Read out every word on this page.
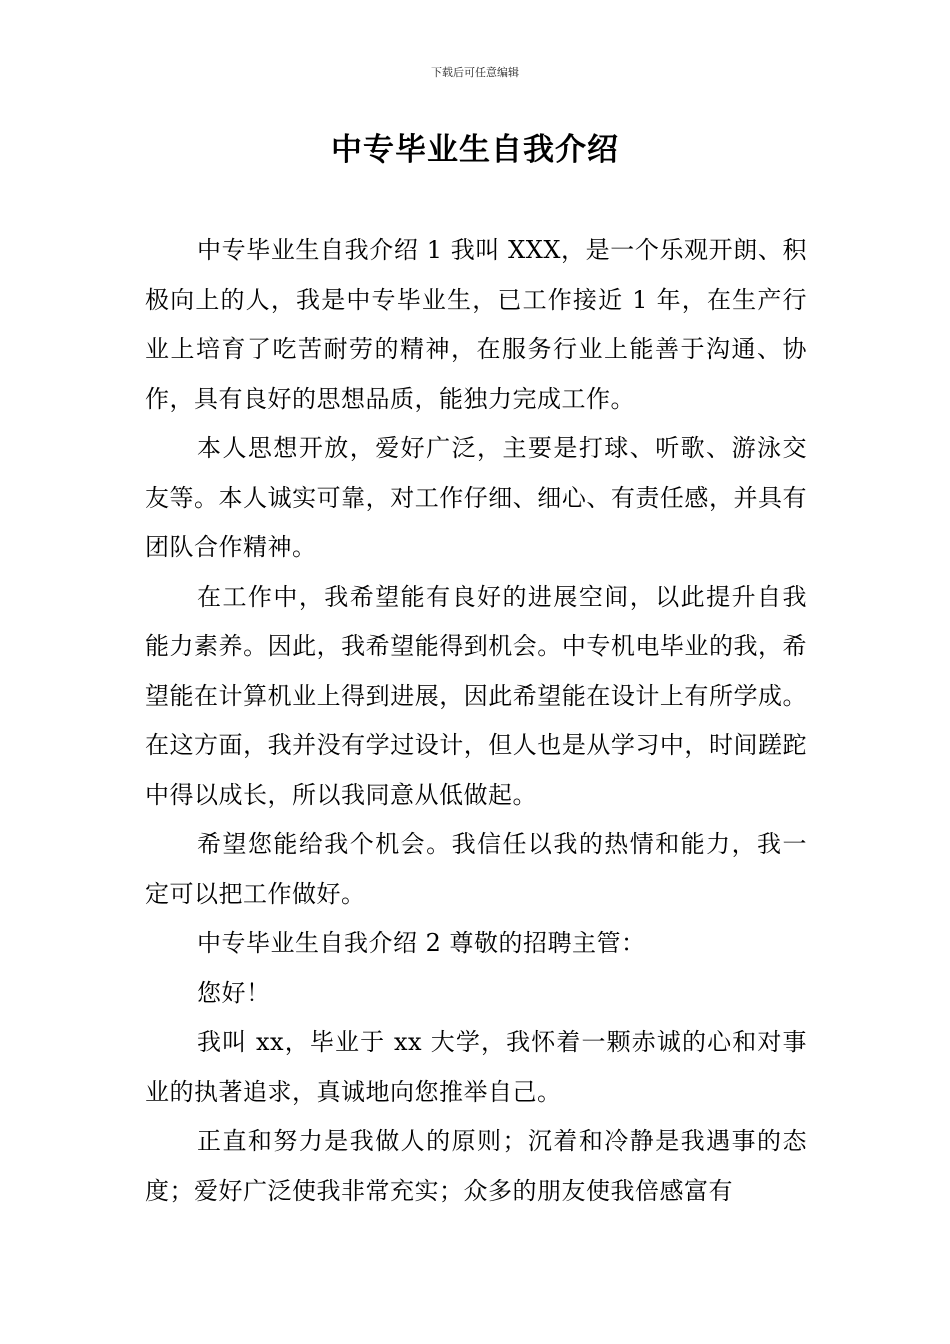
下载后可任意编辑
中专毕业生自我介绍

中专毕业生自我介绍 1 我叫 XXX，是一个乐观开朗、积极向上的人，我是中专毕业生，已工作接近 1 年，在生产行业上培育了吃苦耐劳的精神，在服务行业上能善于沟通、协作，具有良好的思想品质，能独力完成工作。

本人思想开放，爱好广泛，主要是打球、听歌、游泳交友等。本人诚实可靠，对工作仔细、细心、有责任感，并具有团队合作精神。

在工作中，我希望能有良好的进展空间，以此提升自我能力素养。因此，我希望能得到机会。中专机电毕业的我，希望能在计算机业上得到进展，因此希望能在设计上有所学成。在这方面，我并没有学过设计，但人也是从学习中，时间蹉跎中得以成长，所以我同意从低做起。

希望您能给我个机会。我信任以我的热情和能力，我一定可以把工作做好。

中专毕业生自我介绍 2 尊敬的招聘主管：

您好！

我叫 xx，毕业于 xx 大学，我怀着一颗赤诚的心和对事业的执著追求，真诚地向您推举自己。

正直和努力是我做人的原则；沉着和冷静是我遇事的态度；爱好广泛使我非常充实；众多的朋友使我倍感富有
